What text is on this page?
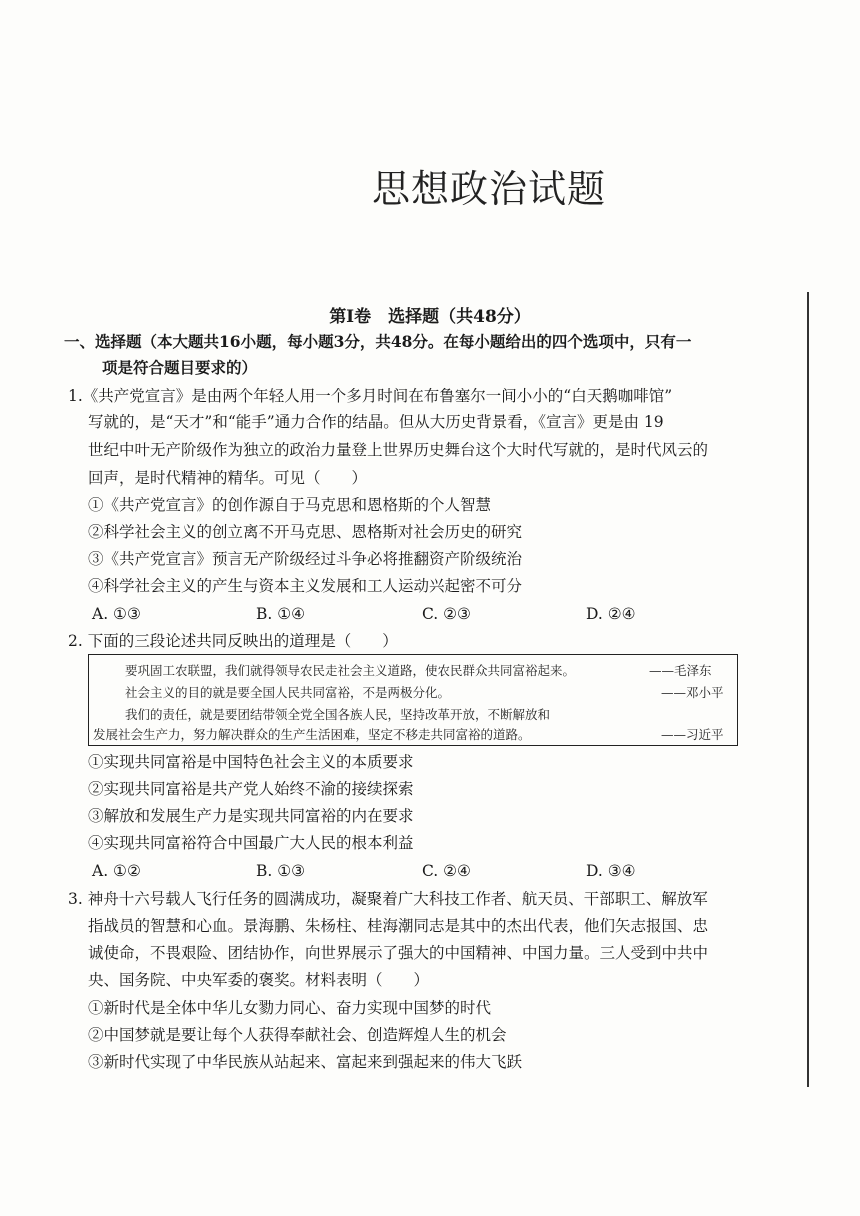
思想政治试题
第Ⅰ卷　选择题（共48分）
一、选择题（本大题共16小题，每小题3分，共48分。在每小题给出的四个选项中，只有一
项是符合题目要求的）
1.《共产党宣言》是由两个年轻人用一个多月时间在布鲁塞尔一间小小的“白天鹅咖啡馆”
写就的，是“天才”和“能手”通力合作的结晶。但从大历史背景看，《宣言》更是由 19
世纪中叶无产阶级作为独立的政治力量登上世界历史舞台这个大时代写就的，是时代风云的
回声，是时代精神的精华。可见（　　）
①《共产党宣言》的创作源自于马克思和恩格斯的个人智慧
②科学社会主义的创立离不开马克思、恩格斯对社会历史的研究
③《共产党宣言》预言无产阶级经过斗争必将推翻资产阶级统治
④科学社会主义的产生与资本主义发展和工人运动兴起密不可分
A. ①③	B. ①④	C. ②③	D. ②④
2. 下面的三段论述共同反映出的道理是（　　）
要巩固工农联盟，我们就得领导农民走社会主义道路，使农民群众共同富裕起来。	——毛泽东
社会主义的目的就是要全国人民共同富裕，不是两极分化。	——邓小平
我们的责任，就是要团结带领全党全国各族人民，坚持改革开放，不断解放和
发展社会生产力，努力解决群众的生产生活困难，坚定不移走共同富裕的道路。	——习近平
①实现共同富裕是中国特色社会主义的本质要求
②实现共同富裕是共产党人始终不渝的接续探索
③解放和发展生产力是实现共同富裕的内在要求
④实现共同富裕符合中国最广大人民的根本利益
A. ①②	B. ①③	C. ②④	D. ③④
3. 神舟十六号载人飞行任务的圆满成功，凝聚着广大科技工作者、航天员、干部职工、解放军
指战员的智慧和心血。景海鹏、朱杨柱、桂海潮同志是其中的杰出代表，他们矢志报国、忠
诚使命，不畏艰险、团结协作，向世界展示了强大的中国精神、中国力量。三人受到中共中
央、国务院、中央军委的褒奖。材料表明（　　）
①新时代是全体中华儿女勠力同心、奋力实现中国梦的时代
②中国梦就是要让每个人获得奉献社会、创造辉煌人生的机会
③新时代实现了中华民族从站起来、富起来到强起来的伟大飞跃
